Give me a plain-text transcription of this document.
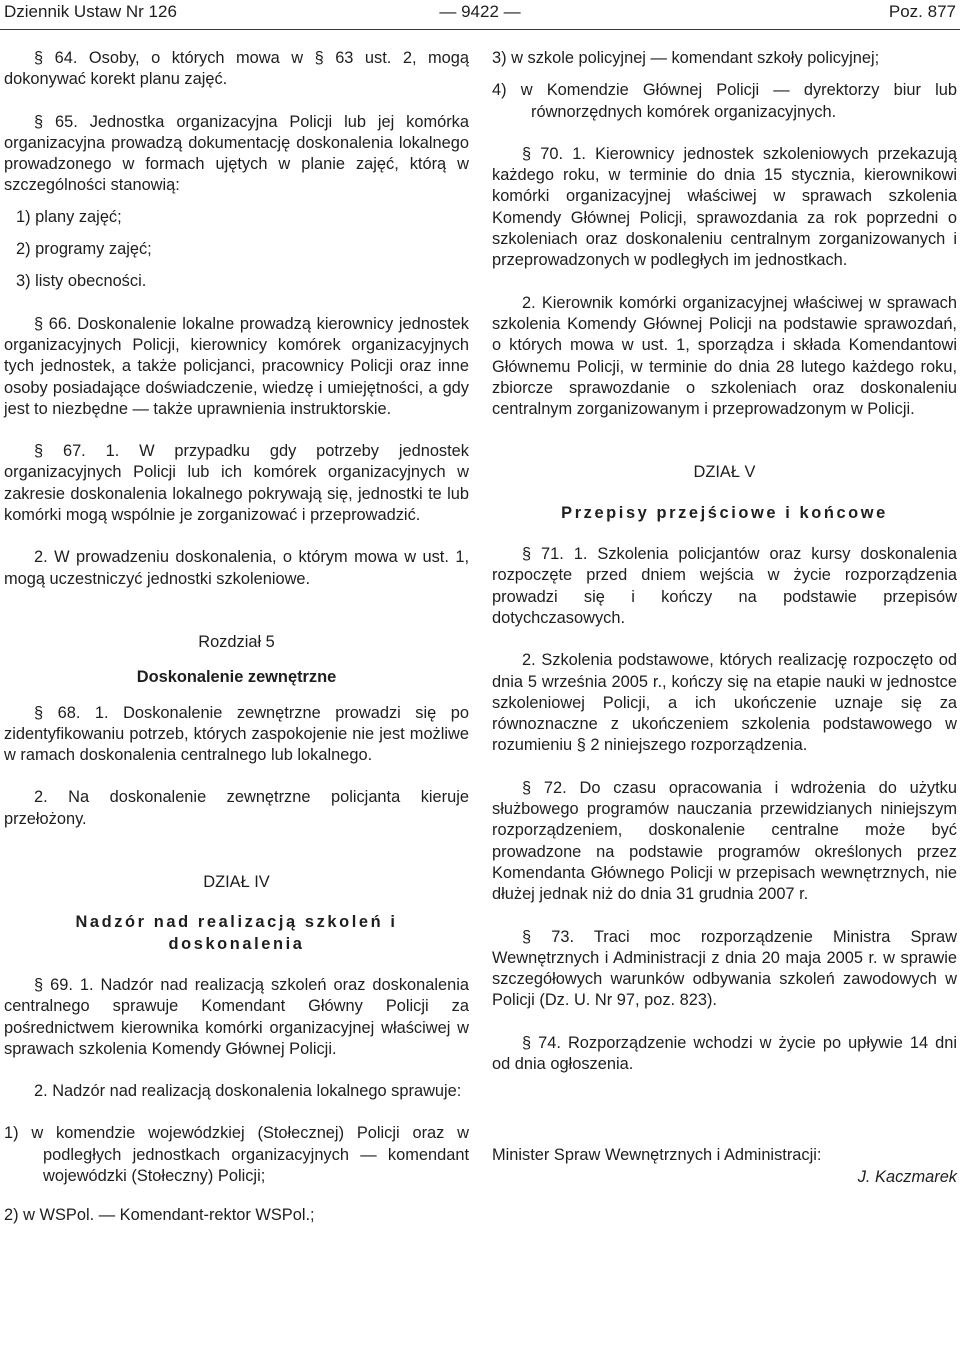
— 9422 —
Dziennik Ustaw Nr 126	Poz. 877

§ 64. Osoby, o których mowa w § 63 ust. 2, mogą dokonywać korekt planu zajęć.

§ 65. Jednostka organizacyjna Policji lub jej komórka organizacyjna prowadzą dokumentację doskonalenia lokalnego prowadzonego w formach ujętych w planie zajęć, którą w szczególności stanowią:

1) plany zajęć;

2) programy zajęć;

3) listy obecności.

§ 66. Doskonalenie lokalne prowadzą kierownicy jednostek organizacyjnych Policji, kierownicy komórek organizacyjnych tych jednostek, a także policjanci, pracownicy Policji oraz inne osoby posiadające doświadczenie, wiedzę i umiejętności, a gdy jest to niezbędne — także uprawnienia instruktorskie.

§ 67. 1. W przypadku gdy potrzeby jednostek organizacyjnych Policji lub ich komórek organizacyjnych w zakresie doskonalenia lokalnego pokrywają się, jednostki te lub komórki mogą wspólnie je zorganizować i przeprowadzić.

2. W prowadzeniu doskonalenia, o którym mowa w ust. 1, mogą uczestniczyć jednostki szkoleniowe.

Rozdział 5

Doskonalenie zewnętrzne

§ 68. 1. Doskonalenie zewnętrzne prowadzi się po zidentyfikowaniu potrzeb, których zaspokojenie nie jest możliwe w ramach doskonalenia centralnego lub lokalnego.

2. Na doskonalenie zewnętrzne policjanta kieruje przełożony.

DZIAŁ IV

Nadzór nad realizacją szkoleń i doskonalenia

§ 69. 1. Nadzór nad realizacją szkoleń oraz doskonalenia centralnego sprawuje Komendant Główny Policji za pośrednictwem kierownika komórki organizacyjnej właściwej w sprawach szkolenia Komendy Głównej Policji.

2. Nadzór nad realizacją doskonalenia lokalnego sprawuje:

1) w komendzie wojewódzkiej (Stołecznej) Policji oraz w podległych jednostkach organizacyjnych — komendant wojewódzki (Stołeczny) Policji;

2) w WSPol. — Komendant-rektor WSPol.;

3) w szkole policyjnej — komendant szkoły policyjnej;

4) w Komendzie Głównej Policji — dyrektorzy biur lub równorzędnych komórek organizacyjnych.

§ 70. 1. Kierownicy jednostek szkoleniowych przekazują każdego roku, w terminie do dnia 15 stycznia, kierownikowi komórki organizacyjnej właściwej w sprawach szkolenia Komendy Głównej Policji, sprawozdania za rok poprzedni o szkoleniach oraz doskonaleniu centralnym zorganizowanych i przeprowadzonych w podległych im jednostkach.

2. Kierownik komórki organizacyjnej właściwej w sprawach szkolenia Komendy Głównej Policji na podstawie sprawozdań, o których mowa w ust. 1, sporządza i składa Komendantowi Głównemu Policji, w terminie do dnia 28 lutego każdego roku, zbiorcze sprawozdanie o szkoleniach oraz doskonaleniu centralnym zorganizowanym i przeprowadzonym w Policji.

DZIAŁ V

Przepisy przejściowe i końcowe

§ 71. 1. Szkolenia policjantów oraz kursy doskonalenia rozpoczęte przed dniem wejścia w życie rozporządzenia prowadzi się i kończy na podstawie przepisów dotychczasowych.

2. Szkolenia podstawowe, których realizację rozpoczęto od dnia 5 września 2005 r., kończy się na etapie nauki w jednostce szkoleniowej Policji, a ich ukończenie uznaje się za równoznaczne z ukończeniem szkolenia podstawowego w rozumieniu § 2 niniejszego rozporządzenia.

§ 72. Do czasu opracowania i wdrożenia do użytku służbowego programów nauczania przewidzianych niniejszym rozporządzeniem, doskonalenie centralne może być prowadzone na podstawie programów określonych przez Komendanta Głównego Policji w przepisach wewnętrznych, nie dłużej jednak niż do dnia 31 grudnia 2007 r.

§ 73. Traci moc rozporządzenie Ministra Spraw Wewnętrznych i Administracji z dnia 20 maja 2005 r. w sprawie szczegółowych warunków odbywania szkoleń zawodowych w Policji (Dz. U. Nr 97, poz. 823).

§ 74. Rozporządzenie wchodzi w życie po upływie 14 dni od dnia ogłoszenia.

Minister Spraw Wewnętrznych i Administracji:

J. Kaczmarek
